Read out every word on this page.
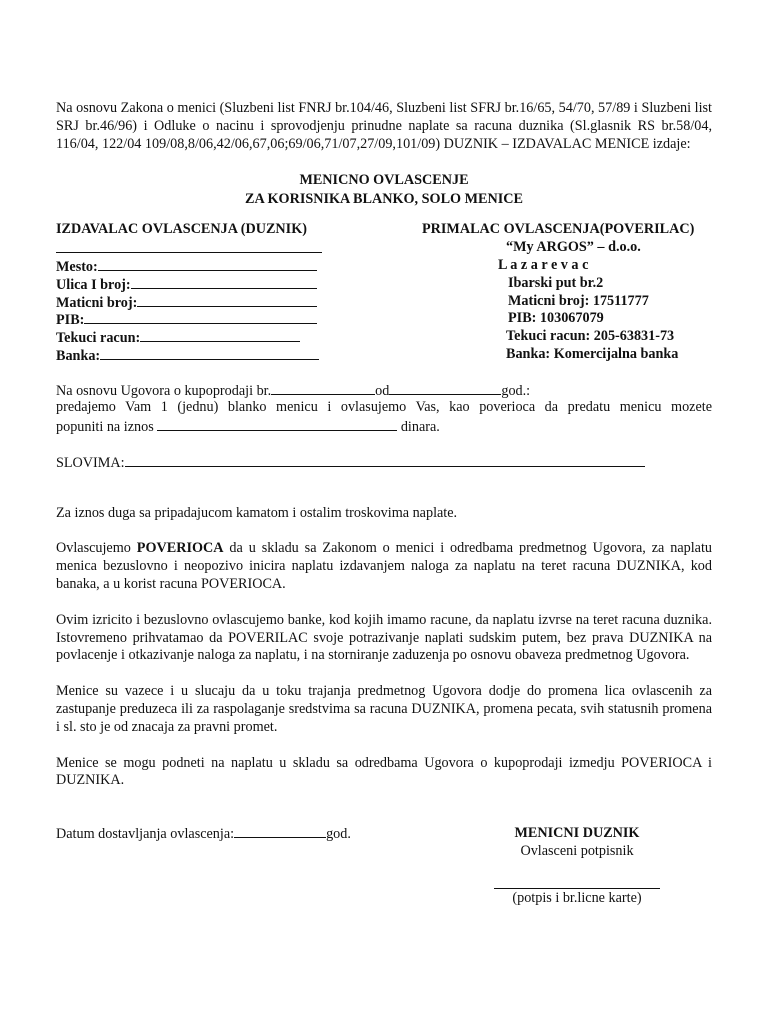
Na osnovu Zakona o menici (Sluzbeni list FNRJ br.104/46, Sluzbeni list SFRJ br.16/65, 54/70, 57/89 i Sluzbeni list SRJ br.46/96) i Odluke o nacinu i sprovodjenju prinudne naplate sa racuna duznika (Sl.glasnik RS br.58/04, 116/04, 122/04 109/08,8/06,42/06,67,06;69/06,71/07,27/09,101/09) DUZNIK – IZDAVALAC MENICE izdaje:

MENICNO OVLASCENJE

ZA KORISNIKA BLANKO, SOLO MENICE

IZDAVALAC OVLASCENJA (DUZNIK)
Mesto:
Ulica I broj:
Maticni broj:
PIB:
Tekuci racun:
Banka:
PRIMALAC OVLASCENJA(POVERILAC)
“My ARGOS” – d.o.o.
L a z a r e v a c
Ibarski put br.2
Maticni broj: 17511777
PIB: 103067079
Tekuci racun: 205-63831-73
Banka: Komercijalna banka
Na osnovu Ugovora o kupoprodaji br.	od	god.:

predajemo Vam 1 (jednu) blanko menicu i ovlasujemo Vas, kao poverioca da predatu menicu mozete

popuniti na iznos	dinara.
SLOVIMA:

Za iznos duga sa pripadajucom kamatom i ostalim troskovima naplate.

Ovlascujemo POVERIOCA da u skladu sa Zakonom o menici i odredbama predmetnog Ugovora, za naplatu menica bezuslovno i neopozivo inicira naplatu izdavanjem naloga za naplatu na teret racuna DUZNIKA, kod banaka, a u korist racuna POVERIOCA.

Ovim izricito i bezuslovno ovlascujemo banke, kod kojih imamo racune, da naplatu izvrse na teret racuna duznika. Istovremeno prihvatamao da POVERILAC svoje potrazivanje naplati sudskim putem, bez prava DUZNIKA na povlacenje i otkazivanje naloga za naplatu, i na storniranje zaduzenja po osnovu obaveza predmetnog Ugovora.

Menice su vazece i u slucaju da u toku trajanja predmetnog Ugovora dodje do promena lica ovlascenih za zastupanje preduzeca ili za raspolaganje sredstvima sa racuna DUZNIKA, promena pecata, svih statusnih promena i sl. sto je od znacaja za pravni promet.

Menice se mogu podneti na naplatu u skladu sa odredbama Ugovora o kupoprodaji izmedju POVERIOCA i DUZNIKA.

Datum dostavljanja ovlascenja:	god.	MENICNI DUZNIK
Ovlasceni potpisnik
(potpis i br.licne karte)
